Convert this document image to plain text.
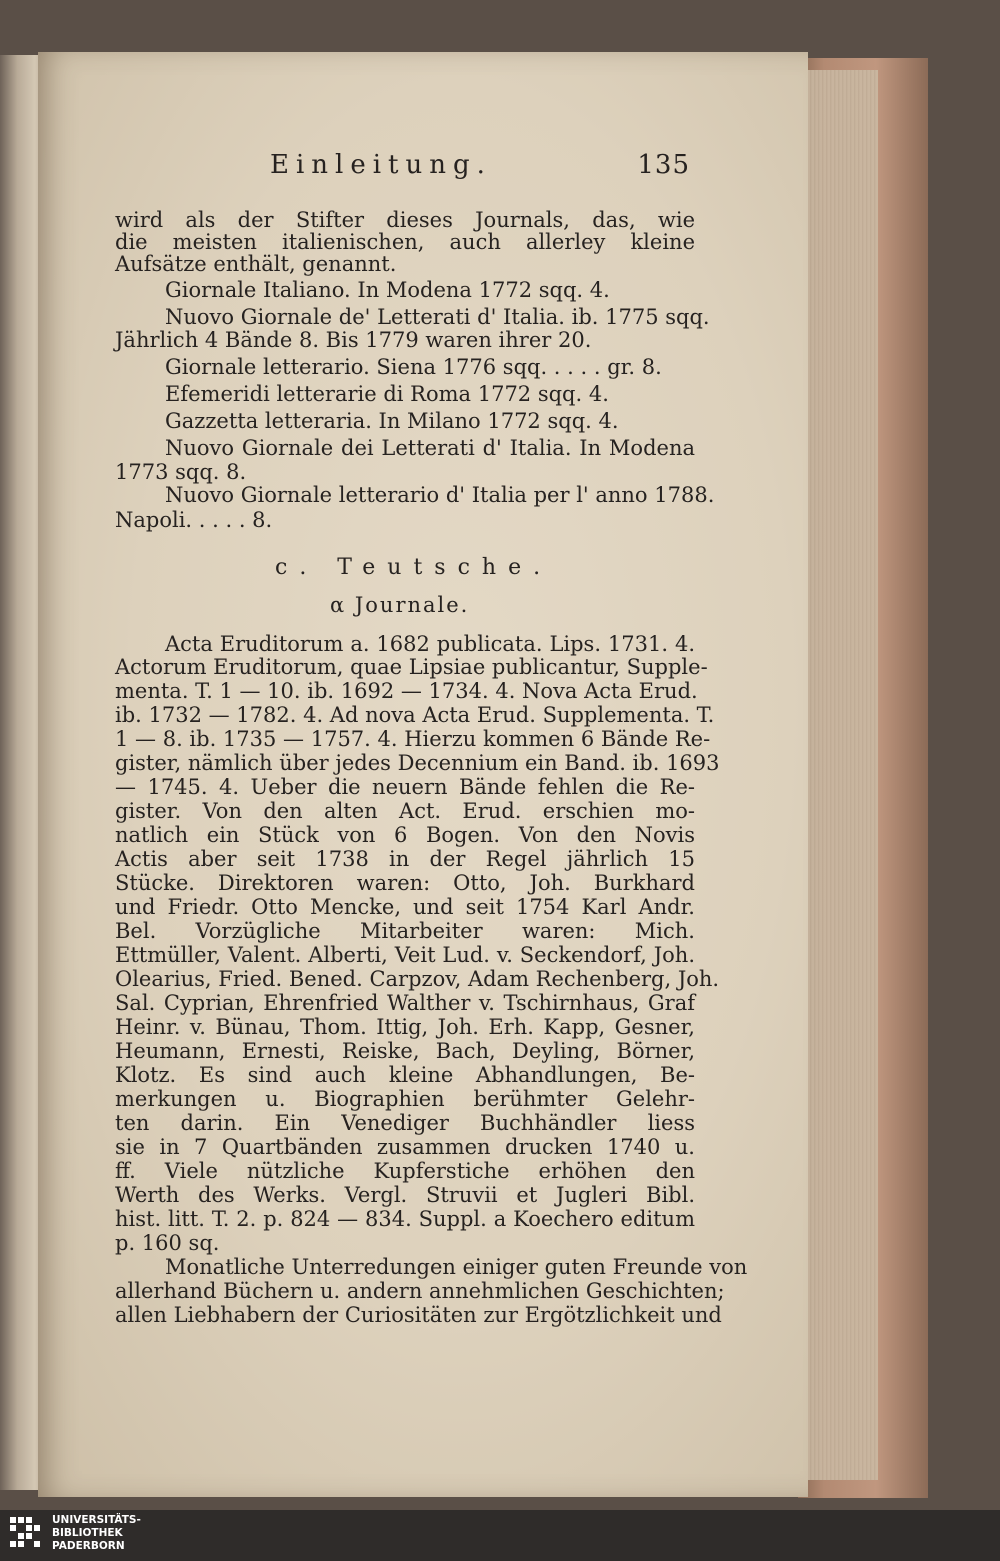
Einleitung.	135
wird als der Stifter dieses Journals, das, wie
die meisten italienischen, auch allerley kleine
Aufsätze enthält, genannt.
Giornale Italiano. In Modena 1772 sqq. 4.
Nuovo Giornale de' Letterati d' Italia. ib. 1775 sqq.
Jährlich 4 Bände 8. Bis 1779 waren ihrer 20.
Giornale letterario. Siena 1776 sqq. . . . . gr. 8.
Efemeridi letterarie di Roma 1772 sqq. 4.
Gazzetta letteraria. In Milano 1772 sqq. 4.
Nuovo Giornale dei Letterati d' Italia. In Modena
1773 sqq. 8.
Nuovo Giornale letterario d' Italia per l' anno 1788.
Napoli. . . . . 8.
c. Teutsche.
α Journale.
Acta Eruditorum a. 1682 publicata. Lips. 1731. 4.
Actorum Eruditorum, quae Lipsiae publicantur, Supple-
menta. T. 1 — 10. ib. 1692 — 1734. 4. Nova Acta Erud.
ib. 1732 — 1782. 4. Ad nova Acta Erud. Supplementa. T.
1 — 8. ib. 1735 — 1757. 4. Hierzu kommen 6 Bände Re-
gister, nämlich über jedes Decennium ein Band. ib. 1693
— 1745. 4. Ueber die neuern Bände fehlen die Re-
gister. Von den alten Act. Erud. erschien mo-
natlich ein Stück von 6 Bogen. Von den Novis
Actis aber seit 1738 in der Regel jährlich 15
Stücke. Direktoren waren: Otto, Joh. Burkhard
und Friedr. Otto Mencke, und seit 1754 Karl Andr.
Bel. Vorzügliche Mitarbeiter waren: Mich.
Ettmüller, Valent. Alberti, Veit Lud. v. Seckendorf, Joh.
Olearius, Fried. Bened. Carpzov, Adam Rechenberg, Joh.
Sal. Cyprian, Ehrenfried Walther v. Tschirnhaus, Graf
Heinr. v. Bünau, Thom. Ittig, Joh. Erh. Kapp, Gesner,
Heumann, Ernesti, Reiske, Bach, Deyling, Börner,
Klotz. Es sind auch kleine Abhandlungen, Be-
merkungen u. Biographien berühmter Gelehr-
ten darin. Ein Venediger Buchhändler liess
sie in 7 Quartbänden zusammen drucken 1740 u.
ff. Viele nützliche Kupferstiche erhöhen den
Werth des Werks. Vergl. Struvii et Jugleri Bibl.
hist. litt. T. 2. p. 824 — 834. Suppl. a Koechero editum
p. 160 sq.
Monatliche Unterredungen einiger guten Freunde von
allerhand Büchern u. andern annehmlichen Geschichten;
allen Liebhabern der Curiositäten zur Ergötzlichkeit und
UNIVERSITÄTS-
BIBLIOTHEK
PADERBORN
